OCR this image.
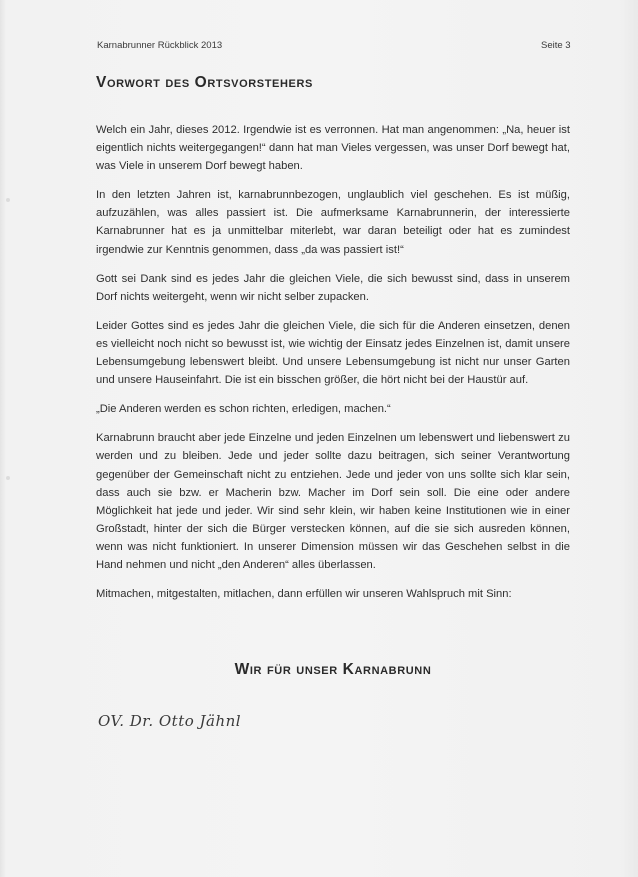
Karnabrunner Rückblick 2013	Seite 3
Vorwort des Ortsvorstehers

Welch ein Jahr, dieses 2012. Irgendwie ist es verronnen. Hat man angenommen: „Na, heuer ist eigentlich nichts weitergegangen!“ dann hat man Vieles vergessen, was unser Dorf bewegt hat, was Viele in unserem Dorf bewegt haben.

In den letzten Jahren ist, karnabrunnbezogen, unglaublich viel geschehen. Es ist müßig, aufzuzählen, was alles passiert ist. Die aufmerksame Karnabrunnerin, der interessierte Karnabrunner hat es ja unmittelbar miterlebt, war daran beteiligt oder hat es zumindest irgendwie zur Kenntnis genommen, dass „da was passiert ist!“

Gott sei Dank sind es jedes Jahr die gleichen Viele, die sich bewusst sind, dass in unserem Dorf nichts weitergeht, wenn wir nicht selber zupacken.

Leider Gottes sind es jedes Jahr die gleichen Viele, die sich für die Anderen einsetzen, denen es vielleicht noch nicht so bewusst ist, wie wichtig der Einsatz jedes Einzelnen ist, damit unsere Lebensumgebung lebenswert bleibt. Und unsere Lebensumgebung ist nicht nur unser Garten und unsere Hauseinfahrt. Die ist ein bisschen größer, die hört nicht bei der Haustür auf.

„Die Anderen werden es schon richten, erledigen, machen.“

Karnabrunn braucht aber jede Einzelne und jeden Einzelnen um lebenswert und liebenswert zu werden und zu bleiben. Jede und jeder sollte dazu beitragen, sich seiner Verantwortung gegenüber der Gemeinschaft nicht zu entziehen. Jede und jeder von uns sollte sich klar sein, dass auch sie bzw. er Macherin bzw. Macher im Dorf sein soll. Die eine oder andere Möglichkeit hat jede und jeder. Wir sind sehr klein, wir haben keine Institutionen wie in einer Großstadt, hinter der sich die Bürger verstecken können, auf die sie sich ausreden können, wenn was nicht funktioniert. In unserer Dimension müssen wir das Geschehen selbst in die Hand nehmen und nicht „den Anderen“ alles überlassen.

Mitmachen, mitgestalten, mitlachen, dann erfüllen wir unseren Wahlspruch mit Sinn:

Wir für unser Karnabrunn
OV. Dr. Otto Jähnl
